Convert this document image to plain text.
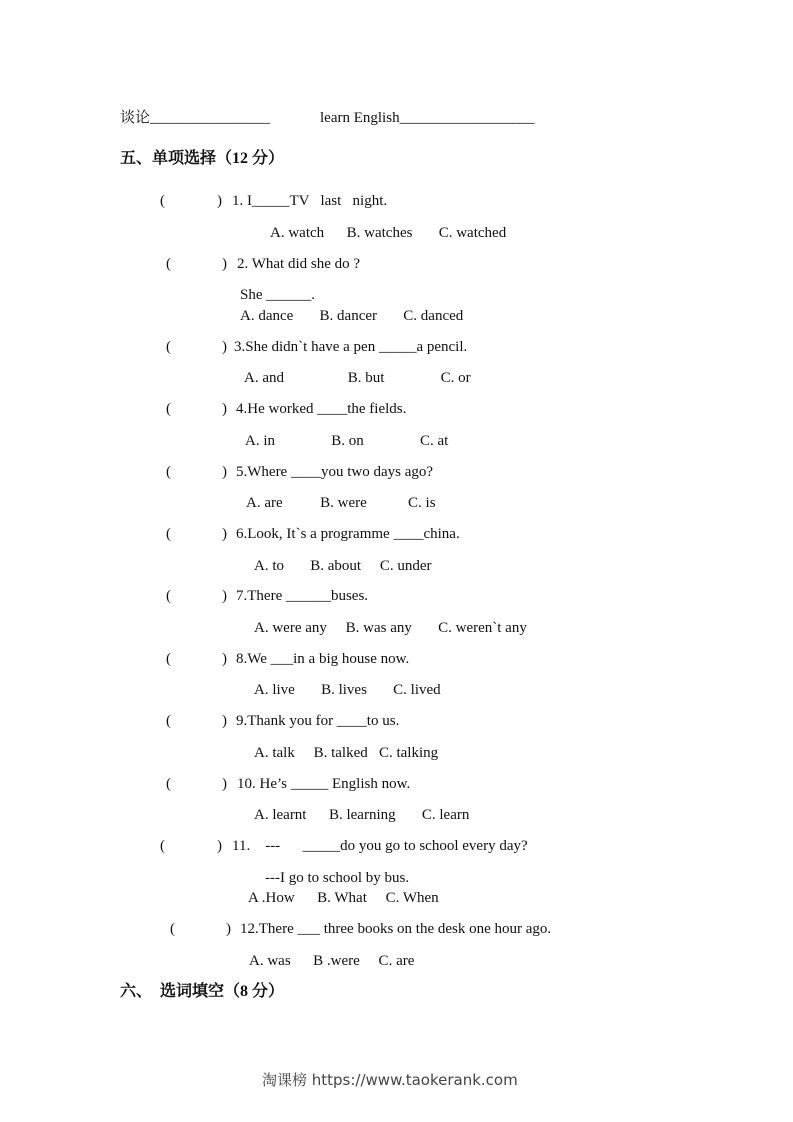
谈论________________	learn English__________________
五、单项选择（12 分）
(	) 1. I_____TV   last   night.
A. watch      B. watches       C. watched
(	) 2. What did she do ?
She ______.
A. dance       B. dancer       C. danced
(	) 3.She didn`t have a pen _____a pencil.
A. and                 B. but               C. or
(	) 4.He worked ____the fields.
A. in               B. on               C. at
(	) 5.Where ____you two days ago?
A. are          B. were           C. is
(	) 6.Look, It`s a programme ____china.
A. to       B. about     C. under
(	) 7.There ______buses.
A. were any     B. was any       C. weren`t any
(	) 8.We ___in a big house now.
A. live       B. lives       C. lived
(	) 9.Thank you for ____to us.
A. talk     B. talked   C. talking
(	) 10. He’s _____ English now.
A. learnt      B. learning       C. learn
(	) 11.    ---      _____do you go to school every day?
---I go to school by bus.
A .How      B. What     C. When
(	) 12.There ___ three books on the desk one hour ago.
A. was      B .were     C. are
六、  选词填空（8 分）
淘课榜 https://www.taokerank.com
